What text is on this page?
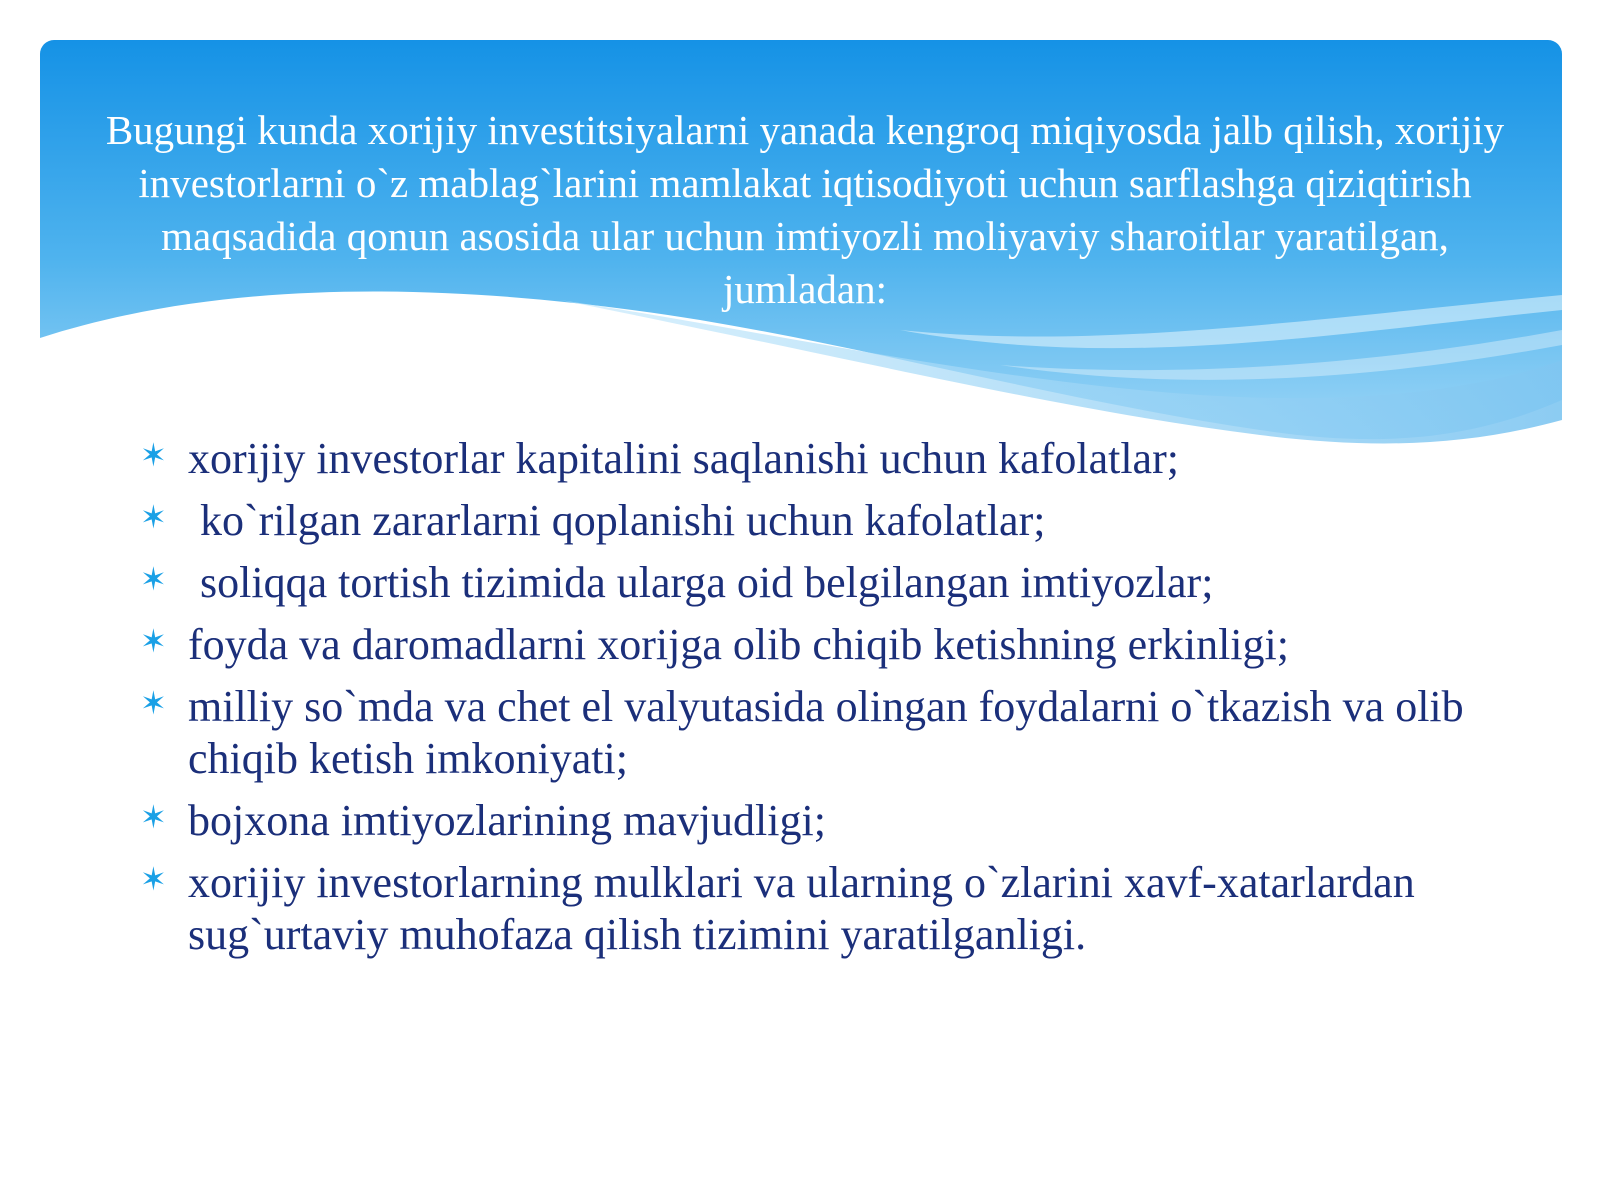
Bugungi kunda xorijiy investitsiyalarni yanada kengroq miqiyosda jalb qilish, xorijiy investorlarni o`z mablag`larini mamlakat iqtisodiyoti uchun sarflashga qiziqtirish maqsadida qonun asosida ular uchun imtiyozli moliyaviy sharoitlar yaratilgan, jumladan:

✶ xorijiy investorlar kapitalini saqlanishi uchun kafolatlar;
✶ ko`rilgan zararlarni qoplanishi uchun kafolatlar;
✶ soliqqa tortish tizimida ularga oid belgilangan imtiyozlar;
✶ foyda va daromadlarni xorijga olib chiqib ketishning erkinligi;
✶ milliy so`mda va chet el valyutasida olingan foydalarni o`tkazish va olib chiqib ketish imkoniyati;
✶ bojxona imtiyozlarining mavjudligi;
✶ xorijiy investorlarning mulklari va ularning o`zlarini xavf-xatarlardan sug`urtaviy muhofaza qilish tizimini yaratilganligi.
